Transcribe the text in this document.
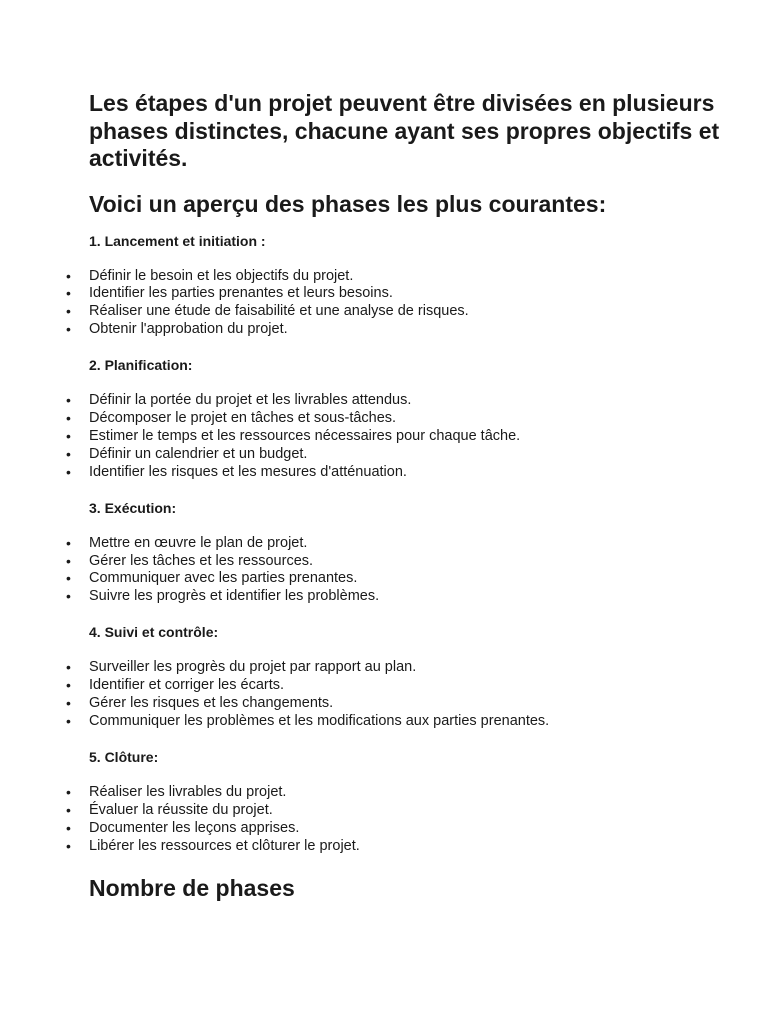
Les étapes d'un projet peuvent être divisées en plusieurs phases distinctes, chacune ayant ses propres objectifs et activités.

Voici un aperçu des phases les plus courantes:
1. Lancement et initiation :
• Définir le besoin et les objectifs du projet.
• Identifier les parties prenantes et leurs besoins.
• Réaliser une étude de faisabilité et une analyse de risques.
• Obtenir l'approbation du projet.
2. Planification:
• Définir la portée du projet et les livrables attendus.
• Décomposer le projet en tâches et sous-tâches.
• Estimer le temps et les ressources nécessaires pour chaque tâche.
• Définir un calendrier et un budget.
• Identifier les risques et les mesures d'atténuation.
3. Exécution:
• Mettre en œuvre le plan de projet.
• Gérer les tâches et les ressources.
• Communiquer avec les parties prenantes.
• Suivre les progrès et identifier les problèmes.
4. Suivi et contrôle:
• Surveiller les progrès du projet par rapport au plan.
• Identifier et corriger les écarts.
• Gérer les risques et les changements.
• Communiquer les problèmes et les modifications aux parties prenantes.
5. Clôture:
• Réaliser les livrables du projet.
• Évaluer la réussite du projet.
• Documenter les leçons apprises.
• Libérer les ressources et clôturer le projet.
Nombre de phases
